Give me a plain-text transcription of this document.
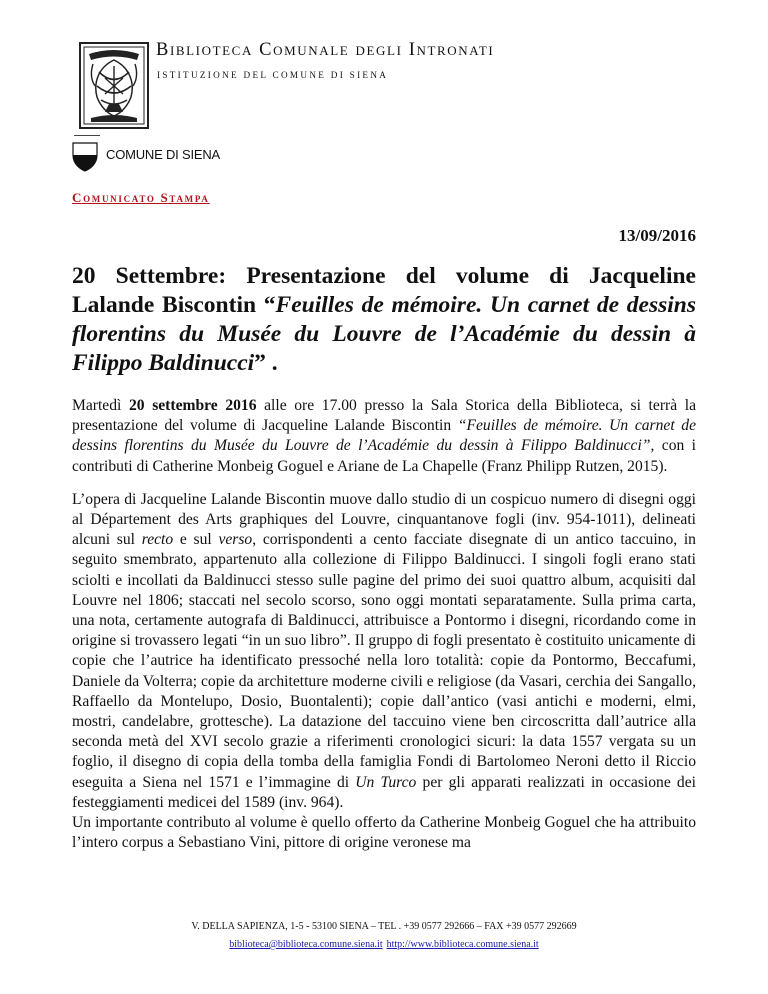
Biblioteca Comunale degli Intronati
ISTITUZIONE DEL COMUNE DI SIENA
COMUNE DI SIENA
Comunicato Stampa
13/09/2016
20 Settembre: Presentazione del volume di Jacqueline Lalande Biscontin “Feuilles de mémoire. Un carnet de dessins florentins du Musée du Louvre de l’Académie du dessin à Filippo Baldinucci” .

Martedì 20 settembre 2016 alle ore 17.00 presso la Sala Storica della Biblioteca, si terrà la presentazione del volume di Jacqueline Lalande Biscontin “Feuilles de mémoire. Un carnet de dessins florentins du Musée du Louvre de l’Académie du dessin à Filippo Baldinucci”, con i contributi di Catherine Monbeig Goguel e Ariane de La Chapelle (Franz Philipp Rutzen, 2015).

L’opera di Jacqueline Lalande Biscontin muove dallo studio di un cospicuo numero di disegni oggi al Département des Arts graphiques del Louvre, cinquantanove fogli (inv. 954-1011), delineati alcuni sul recto e sul verso, corrispondenti a cento facciate disegnate di un antico taccuino, in seguito smembrato, appartenuto alla collezione di Filippo Baldinucci. I singoli fogli erano stati sciolti e incollati da Baldinucci stesso sulle pagine del primo dei suoi quattro album, acquisiti dal Louvre nel 1806; staccati nel secolo scorso, sono oggi montati separatamente. Sulla prima carta, una nota, certamente autografa di Baldinucci, attribuisce a Pontormo i disegni, ricordando come in origine si trovassero legati “in un suo libro”. Il gruppo di fogli presentato è costituito unicamente di copie che l’autrice ha identificato pressoché nella loro totalità: copie da Pontormo, Beccafumi, Daniele da Volterra; copie da architetture moderne civili e religiose (da Vasari, cerchia dei Sangallo, Raffaello da Montelupo, Dosio, Buontalenti); copie dall’antico (vasi antichi e moderni, elmi, mostri, candelabre, grottesche). La datazione del taccuino viene ben circoscritta dall’autrice alla seconda metà del XVI secolo grazie a riferimenti cronologici sicuri: la data 1557 vergata su un foglio, il disegno di copia della tomba della famiglia Fondi di Bartolomeo Neroni detto il Riccio eseguita a Siena nel 1571 e l’immagine di Un Turco per gli apparati realizzati in occasione dei festeggiamenti medicei del 1589 (inv. 964).

Un importante contributo al volume è quello offerto da Catherine Monbeig Goguel che ha attribuito l’intero corpus a Sebastiano Vini, pittore di origine veronese ma

V. DELLA SAPIENZA, 1-5 - 53100 SIENA – TEL . +39 0577 292666 – FAX +39 0577 292669
biblioteca@biblioteca.comune.siena.it http://www.biblioteca.comune.siena.it
